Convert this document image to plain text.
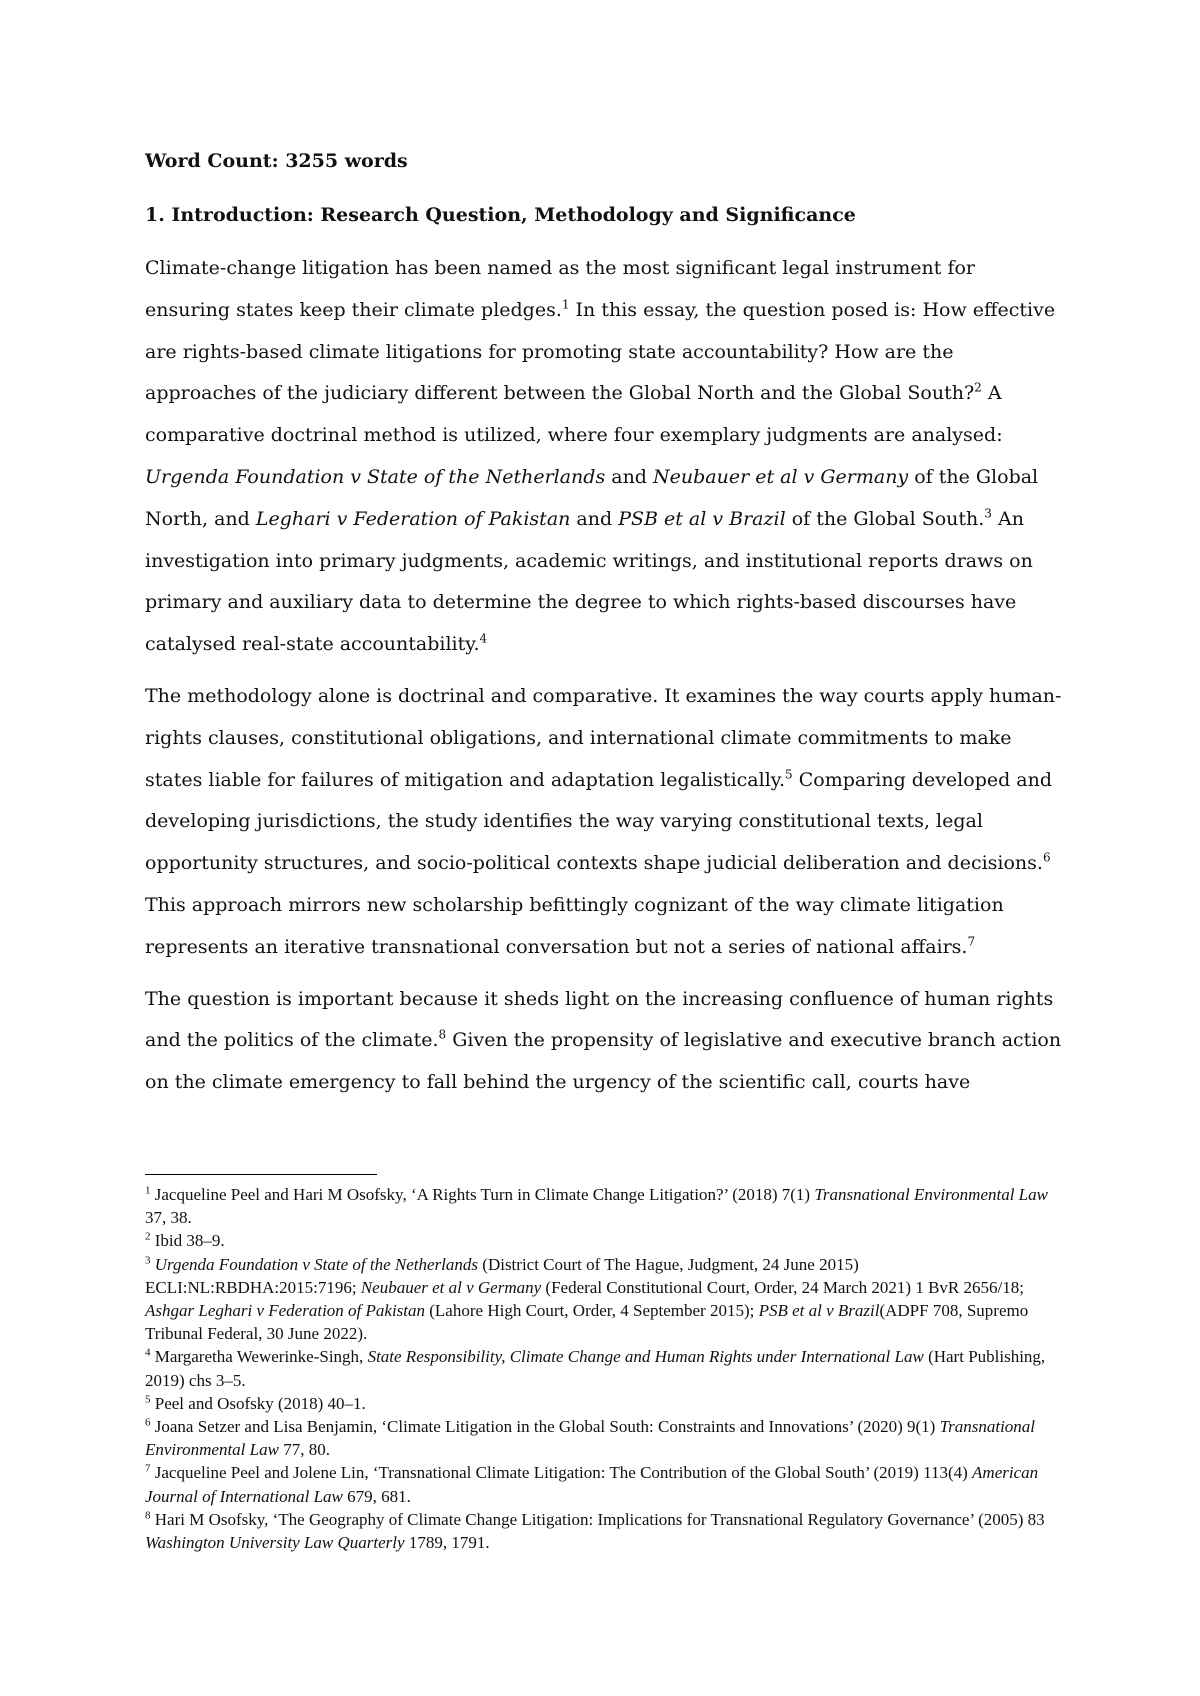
Word Count: 3255 words

1. Introduction: Research Question, Methodology and Significance

Climate-change litigation has been named as the most significant legal instrument for ensuring states keep their climate pledges.$^1$ In this essay, the question posed is: How effective are rights-based climate litigations for promoting state accountability? How are the approaches of the judiciary different between the Global North and the Global South?$^2$ A comparative doctrinal method is utilized, where four exemplary judgments are analysed: Urgenda Foundation v State of the Netherlands and Neubauer et al v Germany of the Global North, and Leghari v Federation of Pakistan and PSB et al v Brazil of the Global South.$^3$ An investigation into primary judgments, academic writings, and institutional reports draws on primary and auxiliary data to determine the degree to which rights-based discourses have catalysed real-state accountability.$^4$

The methodology alone is doctrinal and comparative. It examines the way courts apply human-rights clauses, constitutional obligations, and international climate commitments to make states liable for failures of mitigation and adaptation legalistically.$^5$ Comparing developed and developing jurisdictions, the study identifies the way varying constitutional texts, legal opportunity structures, and socio-political contexts shape judicial deliberation and decisions.$^6$ This approach mirrors new scholarship befittingly cognizant of the way climate litigation represents an iterative transnational conversation but not a series of national affairs.$^7$

The question is important because it sheds light on the increasing confluence of human rights and the politics of the climate.$^8$ Given the propensity of legislative and executive branch action on the climate emergency to fall behind the urgency of the scientific call, courts have

$^1$ Jacqueline Peel and Hari M Osofsky, ‘A Rights Turn in Climate Change Litigation?’ (2018) 7(1) Transnational Environmental Law 37, 38.

$^2$ Ibid 38–9.

$^3$ Urgenda Foundation v State of the Netherlands (District Court of The Hague, Judgment, 24 June 2015) ECLI:NL:RBDHA:2015:7196; Neubauer et al v Germany (Federal Constitutional Court, Order, 24 March 2021) 1 BvR 2656/18; Ashgar Leghari v Federation of Pakistan (Lahore High Court, Order, 4 September 2015); PSB et al v Brazil(ADPF 708, Supremo Tribunal Federal, 30 June 2022).

$^4$ Margaretha Wewerinke-Singh, State Responsibility, Climate Change and Human Rights under International Law (Hart Publishing, 2019) chs 3–5.

$^5$ Peel and Osofsky (2018) 40–1.

$^6$ Joana Setzer and Lisa Benjamin, ‘Climate Litigation in the Global South: Constraints and Innovations’ (2020) 9(1) Transnational Environmental Law 77, 80.

$^7$ Jacqueline Peel and Jolene Lin, ‘Transnational Climate Litigation: The Contribution of the Global South’ (2019) 113(4) American Journal of International Law 679, 681.

$^8$ Hari M Osofsky, ‘The Geography of Climate Change Litigation: Implications for Transnational Regulatory Governance’ (2005) 83 Washington University Law Quarterly 1789, 1791.
